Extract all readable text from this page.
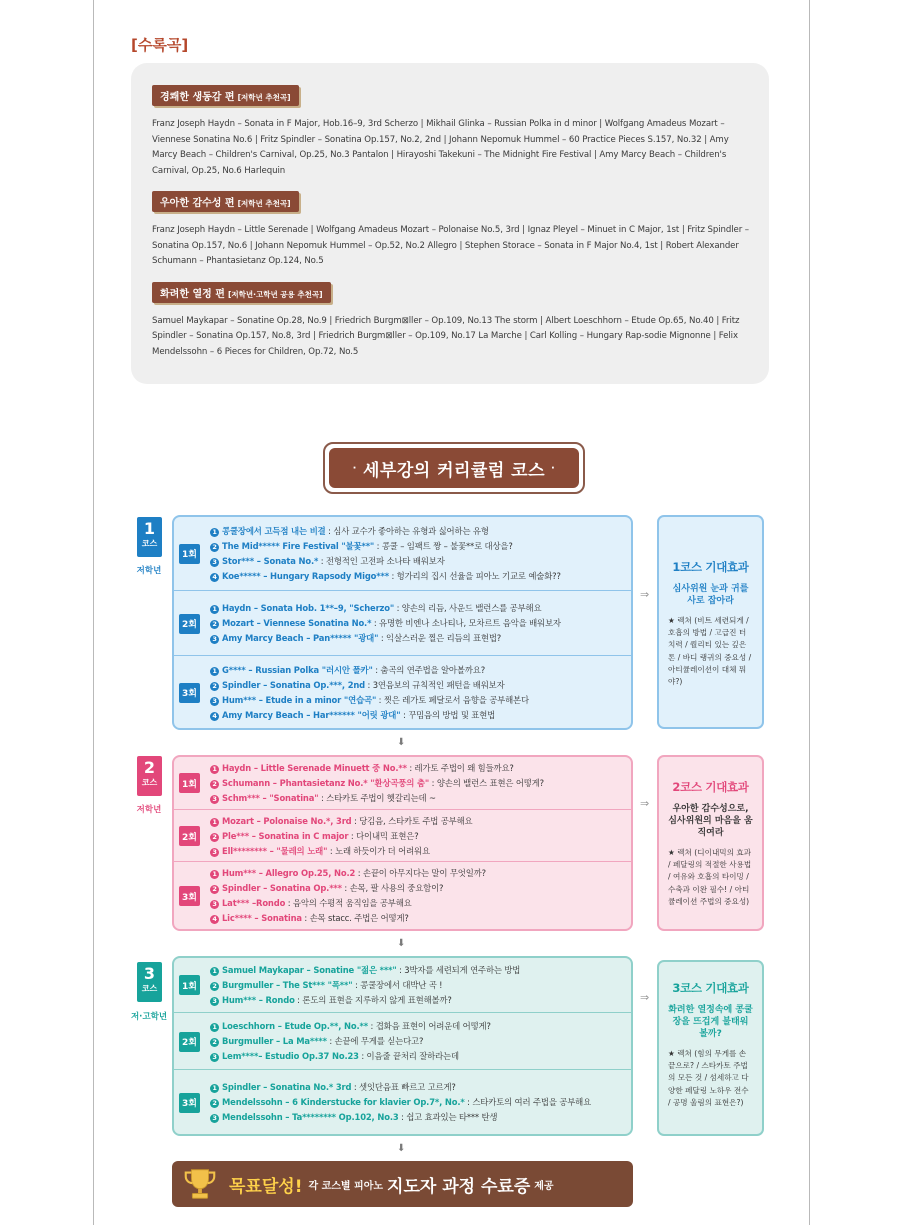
[수록곡]
경쾌한 생동감 편 [저학년 추천곡]
Franz Joseph Haydn – Sonata in F Major, Hob.16–9, 3rd Scherzo | Mikhail Glinka – Russian Polka in d minor | Wolfgang Amadeus Mozart – Viennese Sonatina No.6 | Fritz Spindler – Sonatina Op.157, No.2, 2nd | Johann Nepomuk Hummel – 60 Practice Pieces S.157, No.32 | Amy Marcy Beach – Children's Carnival, Op.25, No.3 Pantalon | Hirayoshi Takekuni – The Midnight Fire Festival | Amy Marcy Beach – Children's Carnival, Op.25, No.6 Harlequin
우아한 감수성 편 [저학년 추천곡]
Franz Joseph Haydn – Little Serenade | Wolfgang Amadeus Mozart – Polonaise No.5, 3rd | Ignaz Pleyel – Minuet in C Major, 1st | Fritz Spindler – Sonatina Op.157, No.6 | Johann Nepomuk Hummel – Op.52, No.2 Allegro | Stephen Storace – Sonata in F Major No.4, 1st | Robert Alexander Schumann – Phantasietanz Op.124, No.5
화려한 열정 편 [저학년·고학년 공용 추천곡]
Samuel Maykapar – Sonatine Op.28, No.9 | Friedrich Burgm⊠ller – Op.109, No.13 The storm | Albert Loeschhorn – Etude Op.65, No.40 | Fritz Spindler – Sonatina Op.157, No.8, 3rd | Friedrich Burgm⊠ller – Op.109, No.17 La Marche | Carl Kolling – Hungary Rap-sodie Mignonne | Felix Mendelssohn – 6 Pieces for Children, Op.72, No.5
· 세부강의 커리큘럼 코스 ·
1
코스
저학년
1회
1 콩쿨장에서 고득점 내는 비결 : 심사 교수가 좋아하는 유형과 싫어하는 유형
2 The Mid***** Fire Festival "불꽃**" : 콩쿨 – 임팩트 짱 – 불꽃**로 대상을?
3 Stor*** – Sonata No.* : 전형적인 고전파 소나타 배워보자
4 Koe***** – Hungary Rapsody Migo*** : 헝가리의 집시 선율을 피아노 기교로 예술화??
2회
1 Haydn – Sonata Hob. 1**–9, "Scherzo" : 양손의 리듬, 사운드 밸런스를 공부해요
2 Mozart – Viennese Sonatina No.* : 유명한 비엔나 소나티나, 모차르트 음악을 배워보자
3 Amy Marcy Beach – Pan***** "광대" : 익살스러운 찔은 리듬의 표현법?
3회
1 G**** – Russian Polka "러시안 폴카" : 춤곡의 연주법을 알아볼까요?
2 Spindler – Sonatina Op.***, 2nd : 3연음보의 규칙적인 패턴을 배워보자
3 Hum*** – Etude in a minor "연습곡" : 찟은 레가토 페달로서 음향을 공부해본다
4 Amy Marcy Beach – Har****** "어릿 광대" : 꾸밈음의 방법 및 표현법
⇒
1코스 기대효과
심사위원 눈과 귀를 사로 잡아라
★ 렉쳐 (비트 세련되게 / 호흡의 방법 / 고급진 터치력 / 퀄리티 있는 깊은 톤 / 바디 랭귀의 중요성 / 아티큘레이션이 대체 뭐야?)
⬇
2
코스
저학년
1회
1 Haydn – Little Serenade Minuett 중 No.** : 레가토 주법이 왜 힘들까요?
2 Schumann – Phantasietanz No.* "환상곡풍의 춤" : 양손의 밸런스 표현은 어떻게?
3 Schm*** – "Sonatina" : 스타카토 주법이 헷갈리는데 ~
2회
1 Mozart – Polonaise No.*, 3rd : 당김음, 스타카토 주법 공부해요
2 Ple*** – Sonatina in C major : 다이내믹 표현은?
3 Ell******** – "물레의 노래" : 노래 하듯이가 더 어려워요
3회
1 Hum*** – Allegro Op.25, No.2 : 손끝이 아무지다는 말이 무엇일까?
2 Spindler – Sonatina Op.*** : 손목, 팔 사용의 중요함이?
3 Lat*** –Rondo : 음악의 수평적 움직임을 공부해요
4 Lic**** – Sonatina : 손목 stacc. 주법은 어떻게?
⇒
2코스 기대효과
우아한 감수성으로, 심사위원의 마음을 움직여라
★ 렉쳐 (디이내믹의 효과 / 페달링의 적절한 사용법 / 여유와 호흡의 타이밍 / 수축과 이완 필수! / 아티큘레이션 주법의 중요성)
⬇
3
코스
저·고학년
1회
1 Samuel Maykapar – Sonatine "젊은 ***" : 3박자를 세련되게 연주하는 방법
2 Burgmuller – The St*** "폭**" : 콩쿨장에서 대박난 곡 !
3 Hum*** – Rondo : 론도의 표현을 지루하지 않게 표현해볼까?
2회
1 Loeschhorn – Etude Op.**, No.** : 겹화음 표현이 어려운데 어떻게?
2 Burgmuller – La Ma**** : 손끝에 무게를 싣는다고?
3 Lem****– Estudio Op.37 No.23 : 이음줄 끝처리 잘하라는데
3회
1 Spindler – Sonatina No.* 3rd : 셋잇단음표 빠르고 고르게?
2 Mendelssohn – 6 Kinderstucke for klavier Op.7*, No.* : 스타카토의 여러 주법을 공부해요
3 Mendelssohn – Ta******** Op.102, No.3 : 쉽고 효과있는 타*** 탄생
⇒
3코스 기대효과
화려한 열정속에 콩쿨장을 뜨겁게 불태워 볼까?
★ 렉쳐 (힘의 무게를 손끝으로? / 스타카토 주법의 모든 것 / 섬세하고 다양한 페달링 노하우 전수 / 공명 울림의 표현은?)
⬇
목표달성! 각 코스별 피아노 지도자 과정 수료증 제공
